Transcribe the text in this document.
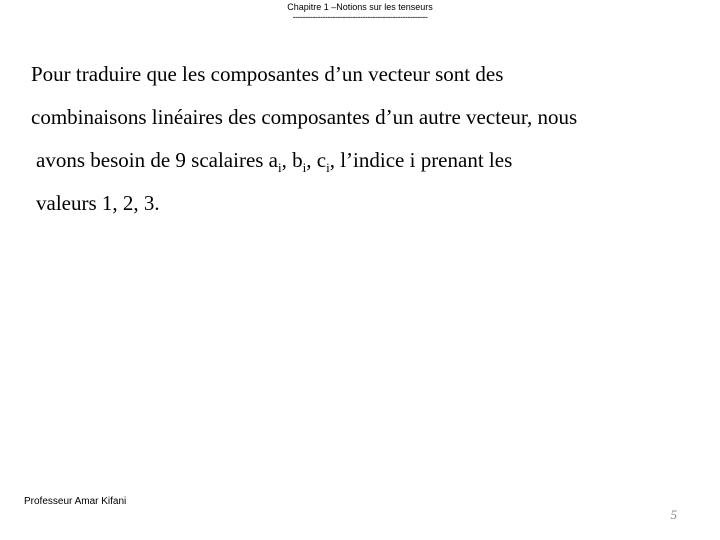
Chapitre 1 –Notions sur les tenseurs
------------------------------------------------------
Pour traduire que les composantes d’un vecteur sont des
combinaisons linéaires des composantes d’un autre vecteur, nous
avons besoin de 9 scalaires $a_i$, $b_i$, $c_i$, l’indice i prenant les
valeurs 1, 2, 3.
Professeur Amar Kifani
5
